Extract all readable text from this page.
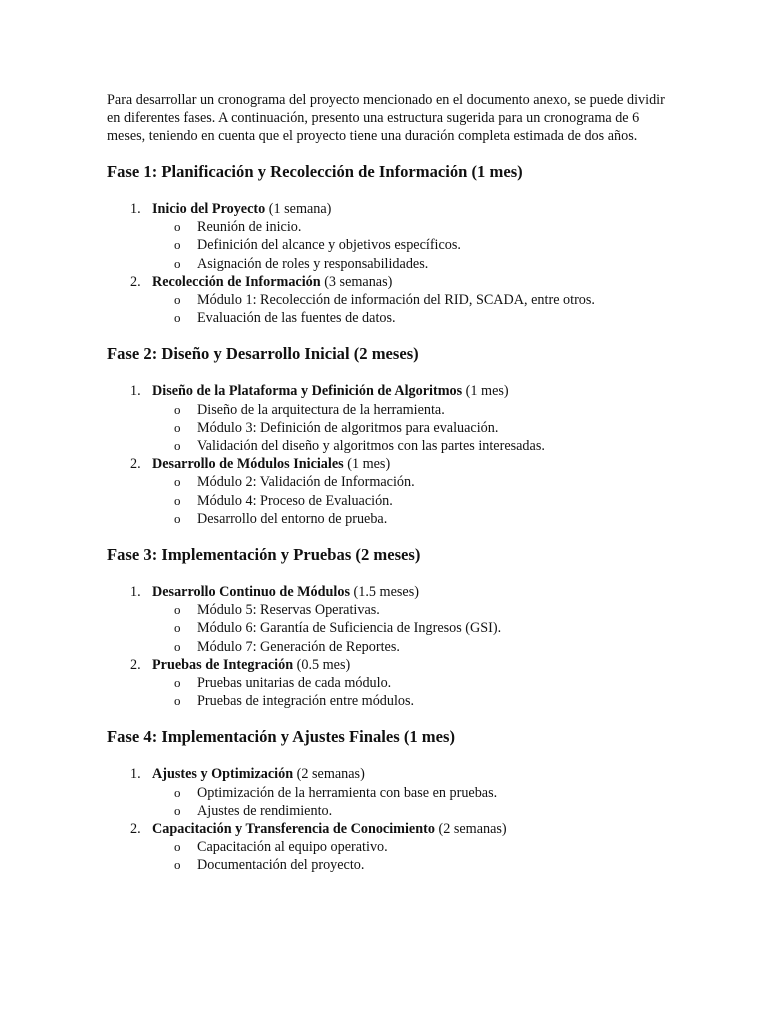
Para desarrollar un cronograma del proyecto mencionado en el documento anexo, se puede dividir en diferentes fases. A continuación, presento una estructura sugerida para un cronograma de 6 meses, teniendo en cuenta que el proyecto tiene una duración completa estimada de dos años.

Fase 1: Planificación y Recolección de Información (1 mes)
1. Inicio del Proyecto (1 semana)
o	Reunión de inicio.
o	Definición del alcance y objetivos específicos.
o	Asignación de roles y responsabilidades.
2. Recolección de Información (3 semanas)
o	Módulo 1: Recolección de información del RID, SCADA, entre otros.
o	Evaluación de las fuentes de datos.
Fase 2: Diseño y Desarrollo Inicial (2 meses)
1. Diseño de la Plataforma y Definición de Algoritmos (1 mes)
o	Diseño de la arquitectura de la herramienta.
o	Módulo 3: Definición de algoritmos para evaluación.
o	Validación del diseño y algoritmos con las partes interesadas.
2. Desarrollo de Módulos Iniciales (1 mes)
o	Módulo 2: Validación de Información.
o	Módulo 4: Proceso de Evaluación.
o	Desarrollo del entorno de prueba.
Fase 3: Implementación y Pruebas (2 meses)
1. Desarrollo Continuo de Módulos (1.5 meses)
o	Módulo 5: Reservas Operativas.
o	Módulo 6: Garantía de Suficiencia de Ingresos (GSI).
o	Módulo 7: Generación de Reportes.
2. Pruebas de Integración (0.5 mes)
o	Pruebas unitarias de cada módulo.
o	Pruebas de integración entre módulos.
Fase 4: Implementación y Ajustes Finales (1 mes)
1. Ajustes y Optimización (2 semanas)
o	Optimización de la herramienta con base en pruebas.
o	Ajustes de rendimiento.
2. Capacitación y Transferencia de Conocimiento (2 semanas)
o	Capacitación al equipo operativo.
o	Documentación del proyecto.
